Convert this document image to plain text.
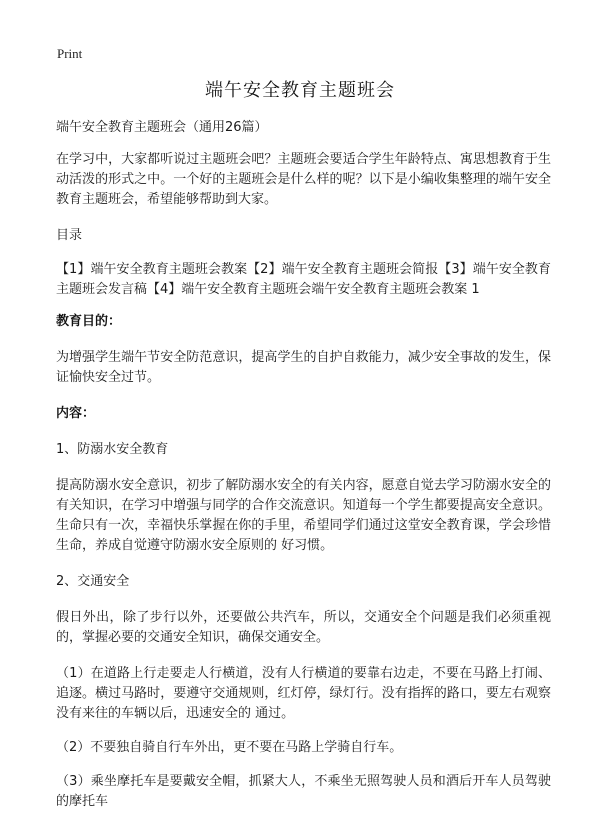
Print
端午安全教育主题班会

端午安全教育主题班会（通用26篇）

在学习中，大家都听说过主题班会吧？主题班会要适合学生年龄特点、寓思想教育于生动活泼的形式之中。一个好的主题班会是什么样的呢？以下是小编收集整理的端午安全教育主题班会，希望能够帮助到大家。

目录

【1】端午安全教育主题班会教案【2】端午安全教育主题班会简报【3】端午安全教育主题班会发言稿【4】端午安全教育主题班会端午安全教育主题班会教案 1

教育目的：

为增强学生端午节安全防范意识，提高学生的自护自救能力，减少安全事故的发生，保证愉快安全过节。

内容：

1、防溺水安全教育

提高防溺水安全意识，初步了解防溺水安全的有关内容，愿意自觉去学习防溺水安全的有关知识，在学习中增强与同学的合作交流意识。知道每一个学生都要提高安全意识。生命只有一次，幸福快乐掌握在你的手里，希望同学们通过这堂安全教育课，学会珍惜生命，养成自觉遵守防溺水安全原则的 好习惯。

2、交通安全

假日外出，除了步行以外，还要做公共汽车，所以，交通安全个问题是我们必须重视的，掌握必要的交通安全知识，确保交通安全。

（1）在道路上行走要走人行横道，没有人行横道的要靠右边走，不要在马路上打闹、追逐。横过马路时，要遵守交通规则，红灯停，绿灯行。没有指挥的路口，要左右观察没有来往的车辆以后，迅速安全的 通过。

（2）不要独自骑自行车外出，更不要在马路上学骑自行车。

（3）乘坐摩托车是要戴安全帽，抓紧大人，不乘坐无照驾驶人员和酒后开车人员驾驶的摩托车
